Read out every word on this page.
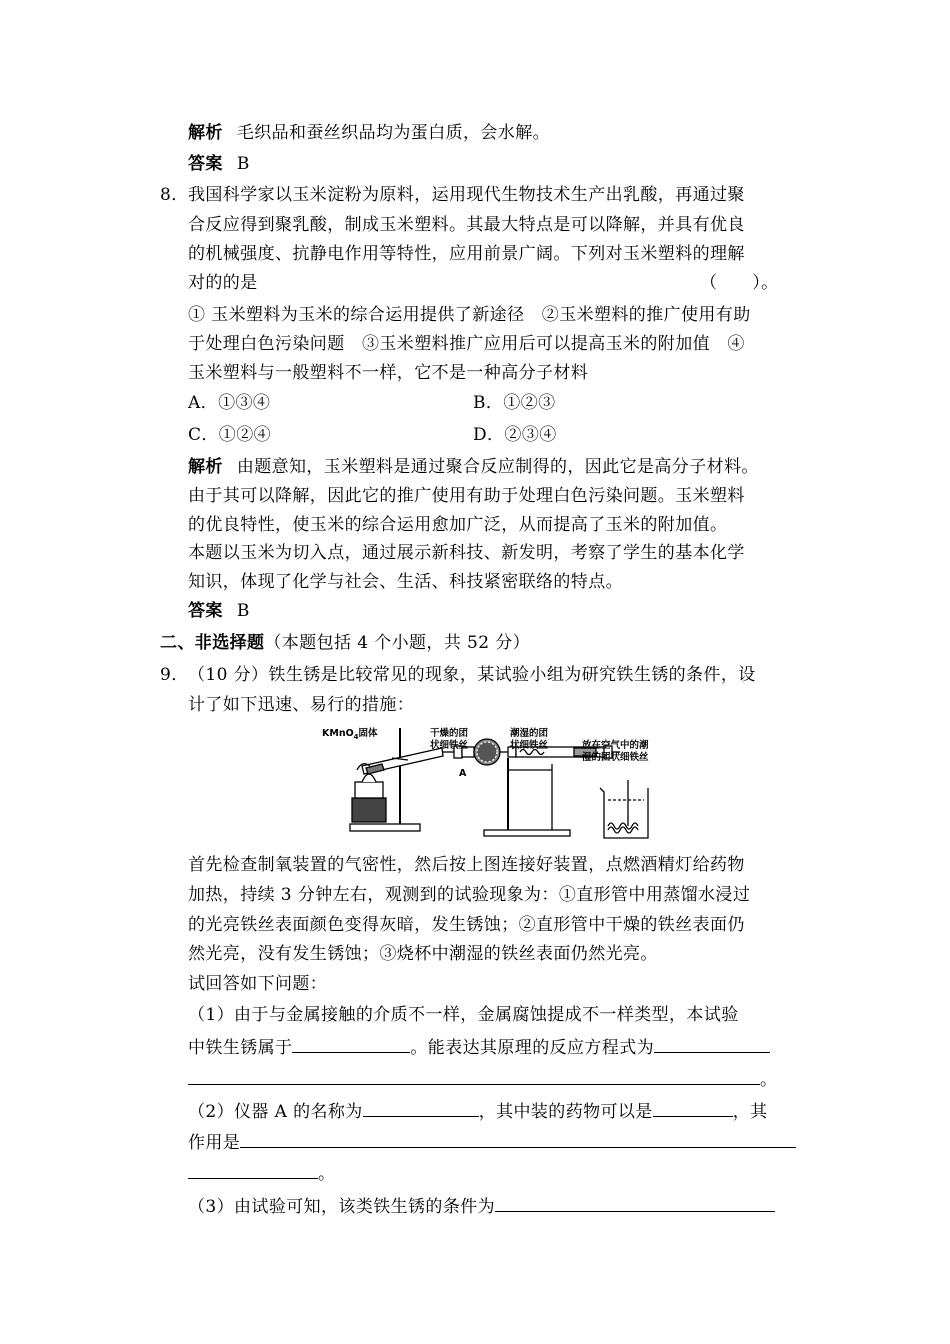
解析 毛织品和蚕丝织品均为蛋白质，会水解。
答案 B
8． 我国科学家以玉米淀粉为原料，运用现代生物技术生产出乳酸，再通过聚
合反应得到聚乳酸，制成玉米塑料。其最大特点是可以降解，并具有优良
的机械强度、抗静电作用等特性，应用前景广阔。下列对玉米塑料的理解
对的的是	（　　）。
① 玉米塑料为玉米的综合运用提供了新途径　②玉米塑料的推广使用有助
于处理白色污染问题　③玉米塑料推广应用后可以提高玉米的附加值　④
玉米塑料与一般塑料不一样，它不是一种高分子材料
A．①③④	B．①②③
C．①②④	D．②③④
解析 由题意知，玉米塑料是通过聚合反应制得的，因此它是高分子材料。
由于其可以降解，因此它的推广使用有助于处理白色污染问题。玉米塑料
的优良特性，使玉米的综合运用愈加广泛，从而提高了玉米的附加值。
本题以玉米为切入点，通过展示新科技、新发明，考察了学生的基本化学
知识，体现了化学与社会、生活、科技紧密联络的特点。
答案 B
二、非选择题（本题包括 4 个小题，共 52 分）
9． （10 分）铁生锈是比较常见的现象，某试验小组为研究铁生锈的条件，设
计了如下迅速、易行的措施：
KMnO$_4$固体	干燥的团
状细铁丝
潮湿的团
状细铁丝	放在空气中的潮
湿的团状细铁丝
A
首先检查制氧装置的气密性，然后按上图连接好装置，点燃酒精灯给药物
加热，持续 3 分钟左右，观测到的试验现象为：①直形管中用蒸馏水浸过
的光亮铁丝表面颜色变得灰暗，发生锈蚀；②直形管中干燥的铁丝表面仍
然光亮，没有发生锈蚀；③烧杯中潮湿的铁丝表面仍然光亮。
试回答如下问题：
（1）由于与金属接触的介质不一样，金属腐蚀提成不一样类型，本试验
中铁生锈属于	。能表达其原理的反应方程式为
。
（2）仪器 A 的名称为	，其中装的药物可以是	，其
作用是
。
（3）由试验可知，该类铁生锈的条件为
